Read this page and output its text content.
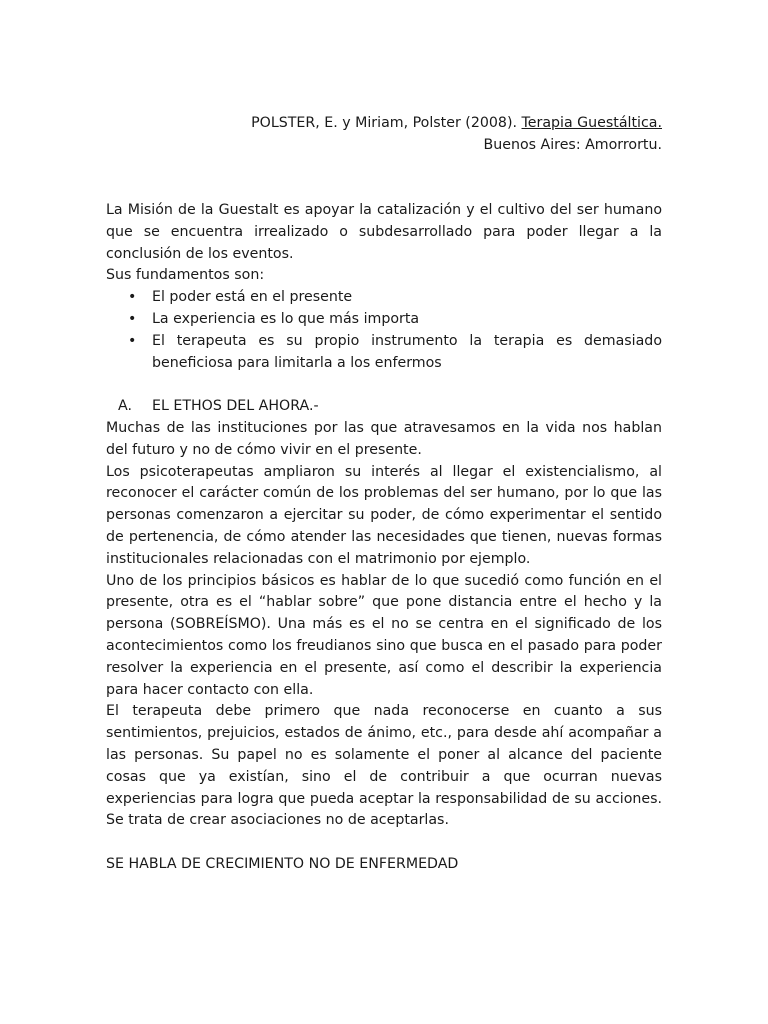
POLSTER, E. y Miriam, Polster (2008). Terapia Guestáltica.
Buenos Aires: Amorrortu.

La Misión de la Guestalt es apoyar la catalización y el cultivo del ser humano que se encuentra irrealizado o subdesarrollado para poder llegar a la conclusión de los eventos.

Sus fundamentos son:

• El poder está en el presente
• La experiencia es lo que más importa
• El terapeuta es su propio instrumento la terapia es demasiado beneficiosa para limitarla a los enfermos
A. EL ETHOS DEL AHORA.-

Muchas de las instituciones por las que atravesamos en la vida nos hablan del futuro y no de cómo vivir en el presente.

Los psicoterapeutas ampliaron su interés al llegar el existencialismo, al reconocer el carácter común de los problemas del ser humano, por lo que las personas comenzaron a ejercitar su poder, de cómo experimentar el sentido de pertenencia, de cómo atender las necesidades que tienen, nuevas formas institucionales relacionadas con el matrimonio por ejemplo.

Uno de los principios básicos es hablar de lo que sucedió como función en el presente, otra es el “hablar sobre” que pone distancia entre el hecho y la persona (SOBREÍSMO). Una más es el no se centra en el significado de los acontecimientos como los freudianos sino que busca en el pasado para poder resolver la experiencia en el presente, así como el describir la experiencia para hacer contacto con ella.

El terapeuta debe primero que nada reconocerse en cuanto a sus sentimientos, prejuicios, estados de ánimo, etc., para desde ahí acompañar a las personas. Su papel no es solamente el poner al alcance del paciente cosas que ya existían, sino el de contribuir a que ocurran nuevas experiencias para logra que pueda aceptar la responsabilidad de su acciones. Se trata de crear asociaciones no de aceptarlas.

SE HABLA DE CRECIMIENTO NO DE ENFERMEDAD
